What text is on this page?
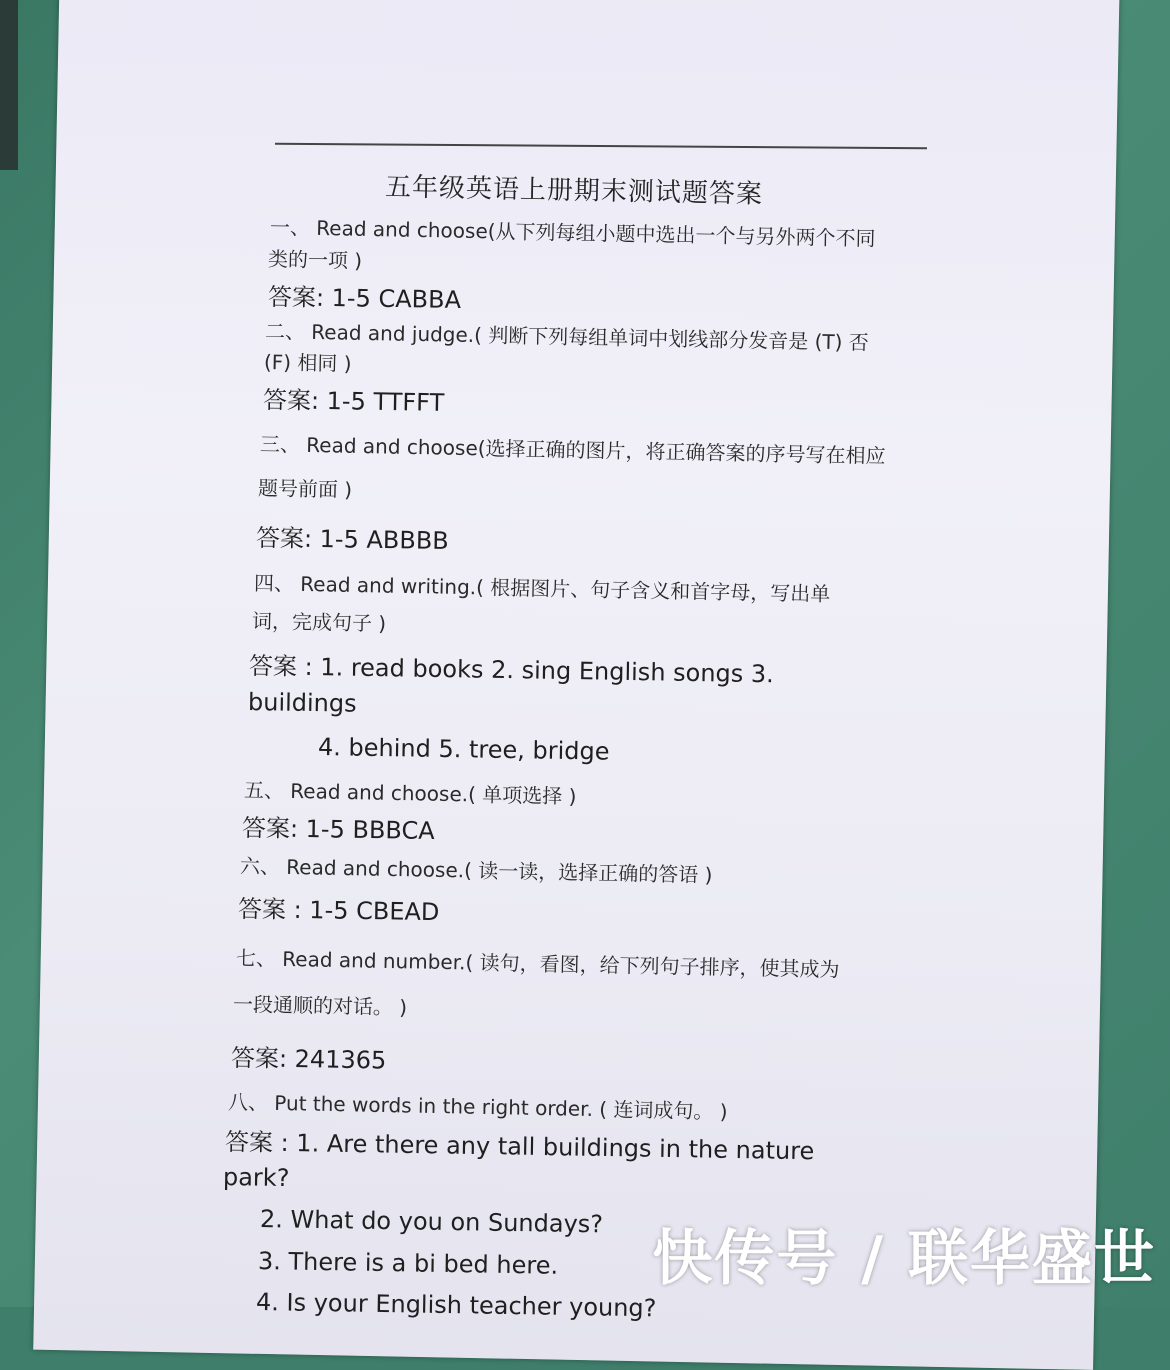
五年级英语上册期末测试题答案
一、 Read and choose(从下列每组小题中选出一个与另外两个不同
类的一项 )
答案: 1-5 CABBA
二、 Read and judge.( 判断下列每组单词中划线部分发音是 (T) 否
(F) 相同 )
答案: 1-5 TTFFT
三、 Read and choose(选择正确的图片，将正确答案的序号写在相应
题号前面 )
答案: 1-5 ABBBB
四、 Read and writing.( 根据图片、句子含义和首字母，写出单
词，完成句子 )
答案 : 1. read books 2. sing English songs 3.
buildings
4. behind 5. tree, bridge
五、 Read and choose.( 单项选择 )
答案: 1-5 BBBCA
六、 Read and choose.( 读一读，选择正确的答语 )
答案 : 1-5 CBEAD
七、 Read and number.( 读句，看图，给下列句子排序，使其成为
一段通顺的对话。 )
答案: 241365
八、 Put the words in the right order. ( 连词成句。 )
答案 : 1. Are there any tall buildings in the nature
park?
2. What do you on Sundays?
3. There is a bi bed here.
4. Is your English teacher young?
快传号 / 联华盛世
